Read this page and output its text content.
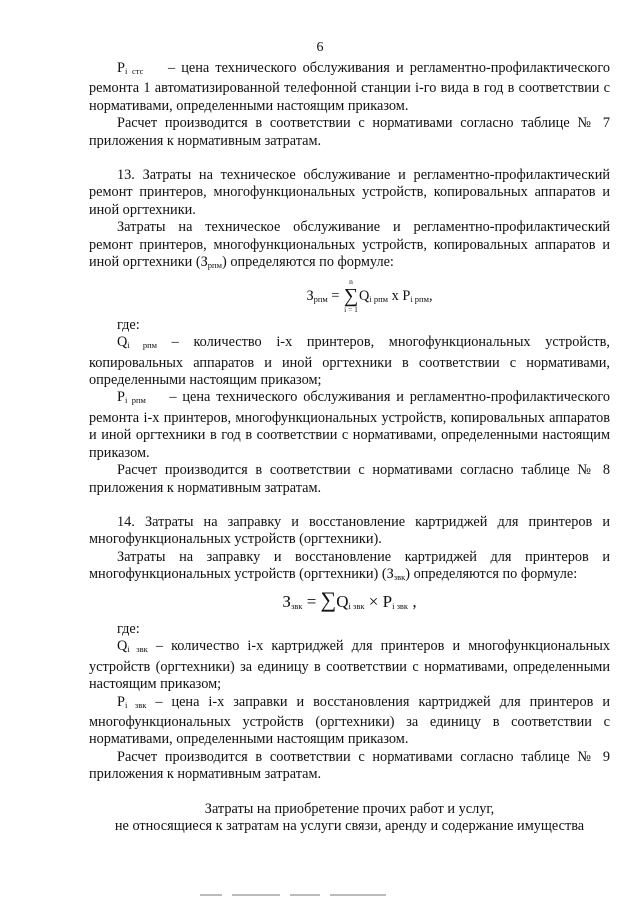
6

$P_{i стс}$ – цена технического обслуживания и регламентно-профилактического ремонта 1 автоматизированной телефонной станции i-го вида в год в соответствии с нормативами, определенными настоящим приказом.

Расчет производится в соответствии с нормативами согласно таблице № 7 приложения к нормативным затратам.

13. Затраты на техническое обслуживание и регламентно-профилактический ремонт принтеров, многофункциональных устройств, копировальных аппаратов и иной оргтехники.

Затраты на техническое обслуживание и регламентно-профилактический ремонт принтеров, многофункциональных устройств, копировальных аппаратов и иной оргтехники $(З_{рпм})$ определяются по формуле:

$З_{рпм}$ =
n
∑
i = 1
$Q_{i рпм}$ x $P_{i рпм}$,

где:

$Q_{i рпм}$ – количество i-х принтеров, многофункциональных устройств, копировальных аппаратов и иной оргтехники в соответствии с нормативами, определенными настоящим приказом;

$P_{i рпм}$ – цена технического обслуживания и регламентно-профилактического ремонта i-х принтеров, многофункциональных устройств, копировальных аппаратов и иной оргтехники в год в соответствии с нормативами, определенными настоящим приказом.

Расчет производится в соответствии с нормативами согласно таблице № 8 приложения к нормативным затратам.

14. Затраты на заправку и восстановление картриджей для принтеров и многофункциональных устройств (оргтехники).

Затраты на заправку и восстановление картриджей для принтеров и многофункциональных устройств (оргтехники) $(З_{звк})$ определяются по формуле:

$З_{звк} = \sum Q_{i звк} \times P_{i звк}$ ,

где:

$Q_{i звк}$ – количество i-х картриджей для принтеров и многофункциональных устройств (оргтехники) за единицу в соответствии с нормативами, определенными настоящим приказом;

$P_{i звк}$ – цена i-х заправки и восстановления картриджей для принтеров и многофункциональных устройств (оргтехники) за единицу в соответствии с нормативами, определенными настоящим приказом.

Расчет производится в соответствии с нормативами согласно таблице № 9 приложения к нормативным затратам.

Затраты на приобретение прочих работ и услуг,

не относящиеся к затратам на услуги связи, аренду и содержание имущества
